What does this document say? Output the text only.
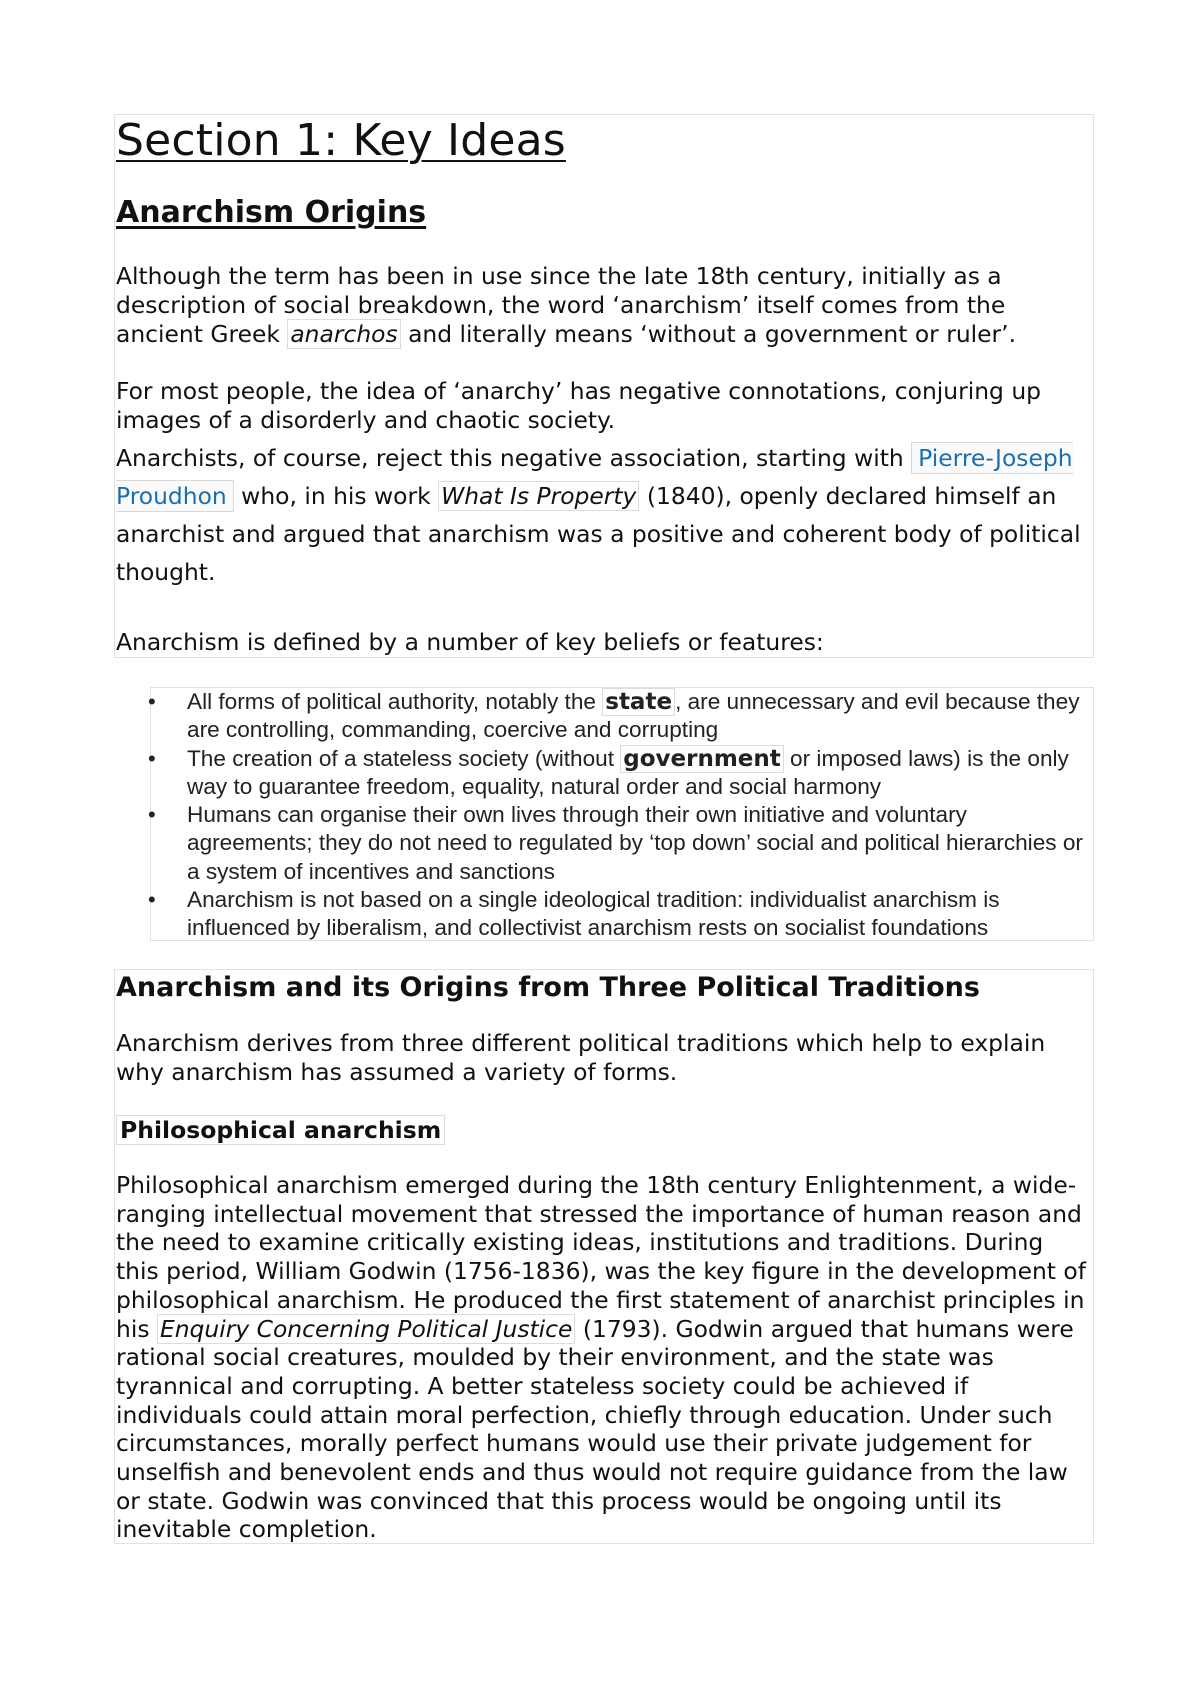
Section 1: Key Ideas
Anarchism Origins

Although the term has been in use since the late 18th century, initially as a description of social breakdown, the word ‘anarchism’ itself comes from the ancient Greek anarchos and literally means ‘without a government or ruler’.

For most people, the idea of ‘anarchy’ has negative connotations, conjuring up images of a disorderly and chaotic society.

Anarchists, of course, reject this negative association, starting with Pierre-Joseph Proudhon who, in his work What Is Property (1840), openly declared himself an anarchist and argued that anarchism was a positive and coherent body of political thought.

Anarchism is defined by a number of key beliefs or features:

• All forms of political authority, notably the state , are unnecessary and evil because they are controlling, commanding, coercive and corrupting
• The creation of a stateless society (without government or imposed laws) is the only way to guarantee freedom, equality, natural order and social harmony
• Humans can organise their own lives through their own initiative and voluntary agreements; they do not need to regulated by ‘top down’ social and political hierarchies or a system of incentives and sanctions
• Anarchism is not based on a single ideological tradition: individualist anarchism is influenced by liberalism, and collectivist anarchism rests on socialist foundations
Anarchism and its Origins from Three Political Traditions

Anarchism derives from three different political traditions which help to explain why anarchism has assumed a variety of forms.

Philosophical anarchism

Philosophical anarchism emerged during the 18th century Enlightenment, a wide-ranging intellectual movement that stressed the importance of human reason and the need to examine critically existing ideas, institutions and traditions. During this period, William Godwin (1756-1836), was the key figure in the development of philosophical anarchism. He produced the first statement of anarchist principles in his Enquiry Concerning Political Justice (1793). Godwin argued that humans were rational social creatures, moulded by their environment, and the state was tyrannical and corrupting. A better stateless society could be achieved if individuals could attain moral perfection, chiefly through education. Under such circumstances, morally perfect humans would use their private judgement for unselfish and benevolent ends and thus would not require guidance from the law or state. Godwin was convinced that this process would be ongoing until its inevitable completion.
